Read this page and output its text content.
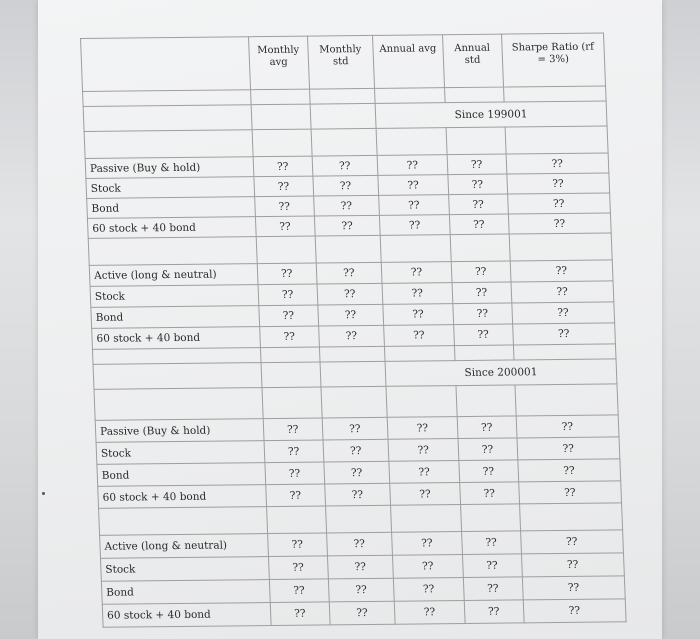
	Monthly avg	Monthly std	Annual avg	Annual std	Sharpe Ratio (rf = 3%)

			Since 199001		

Passive (Buy & hold)	??	??	??	??	??
Stock	??	??	??	??	??
Bond	??	??	??	??	??
60 stock + 40 bond	??	??	??	??	??

Active (long & neutral)	??	??	??	??	??
Stock	??	??	??	??	??
Bond	??	??	??	??	??
60 stock + 40 bond	??	??	??	??	??

			Since 200001		

Passive (Buy & hold)	??	??	??	??	??
Stock	??	??	??	??	??
Bond	??	??	??	??	??
60 stock + 40 bond	??	??	??	??	??

Active (long & neutral)	??	??	??	??	??
Stock	??	??	??	??	??
Bond	??	??	??	??	??
60 stock + 40 bond	??	??	??	??	??
